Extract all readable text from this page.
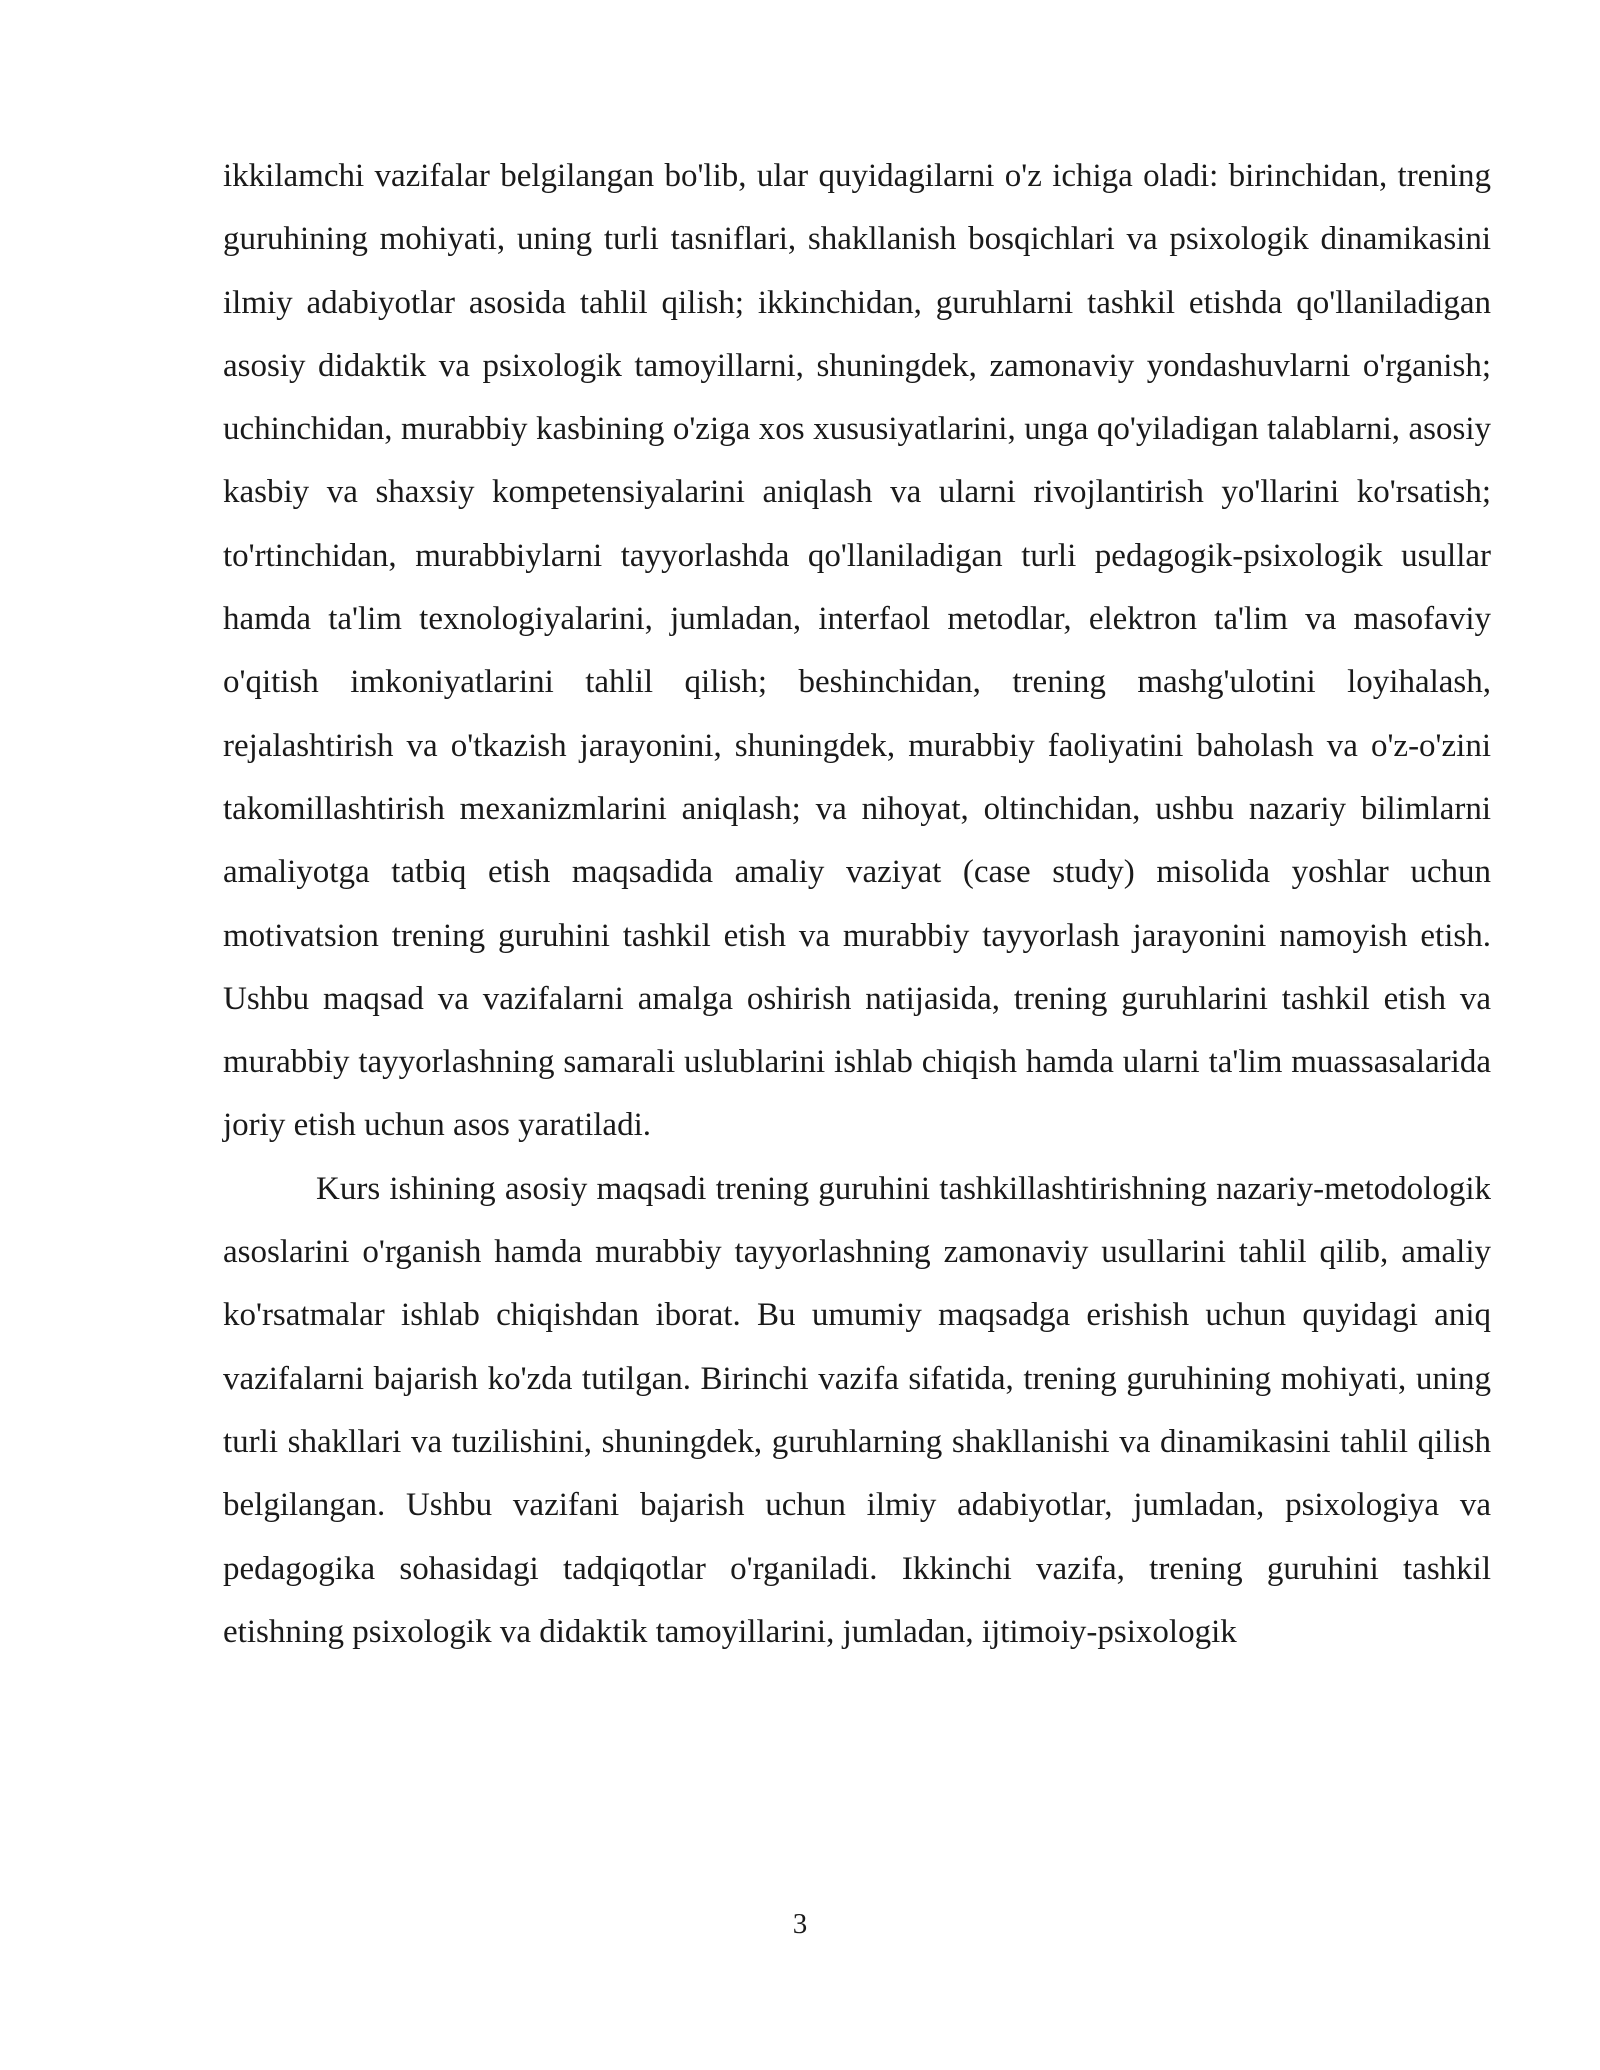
ikkilamchi vazifalar belgilangan bo'lib, ular quyidagilarni o'z ichiga oladi: birinchidan, trening guruhining mohiyati, uning turli tasniflari, shakllanish bosqichlari va psixologik dinamikasini ilmiy adabiyotlar asosida tahlil qilish; ikkinchidan, guruhlarni tashkil etishda qo'llaniladigan asosiy didaktik va psixologik tamoyillarni, shuningdek, zamonaviy yondashuvlarni o'rganish; uchinchidan, murabbiy kasbining o'ziga xos xususiyatlarini, unga qo'yiladigan talablarni, asosiy kasbiy va shaxsiy kompetensiyalarini aniqlash va ularni rivojlantirish yo'llarini ko'rsatish; to'rtinchidan, murabbiylarni tayyorlashda qo'llaniladigan turli pedagogik-psixologik usullar hamda ta'lim texnologiyalarini, jumladan, interfaol metodlar, elektron ta'lim va masofaviy o'qitish imkoniyatlarini tahlil qilish; beshinchidan, trening mashg'ulotini loyihalash, rejalashtirish va o'tkazish jarayonini, shuningdek, murabbiy faoliyatini baholash va o'z-o'zini takomillashtirish mexanizmlarini aniqlash; va nihoyat, oltinchidan, ushbu nazariy bilimlarni amaliyotga tatbiq etish maqsadida amaliy vaziyat (case study) misolida yoshlar uchun motivatsion trening guruhini tashkil etish va murabbiy tayyorlash jarayonini namoyish etish. Ushbu maqsad va vazifalarni amalga oshirish natijasida, trening guruhlarini tashkil etish va murabbiy tayyorlashning samarali uslublarini ishlab chiqish hamda ularni ta'lim muassasalarida joriy etish uchun asos yaratiladi.

Kurs ishining asosiy maqsadi trening guruhini tashkillashtirishning nazariy-metodologik asoslarini o'rganish hamda murabbiy tayyorlashning zamonaviy usullarini tahlil qilib, amaliy ko'rsatmalar ishlab chiqishdan iborat. Bu umumiy maqsadga erishish uchun quyidagi aniq vazifalarni bajarish ko'zda tutilgan. Birinchi vazifa sifatida, trening guruhining mohiyati, uning turli shakllari va tuzilishini, shuningdek, guruhlarning shakllanishi va dinamikasini tahlil qilish belgilangan. Ushbu vazifani bajarish uchun ilmiy adabiyotlar, jumladan, psixologiya va pedagogika sohasidagi tadqiqotlar o'rganiladi. Ikkinchi vazifa, trening guruhini tashkil etishning psixologik va didaktik tamoyillarini, jumladan, ijtimoiy-psixologik

3
